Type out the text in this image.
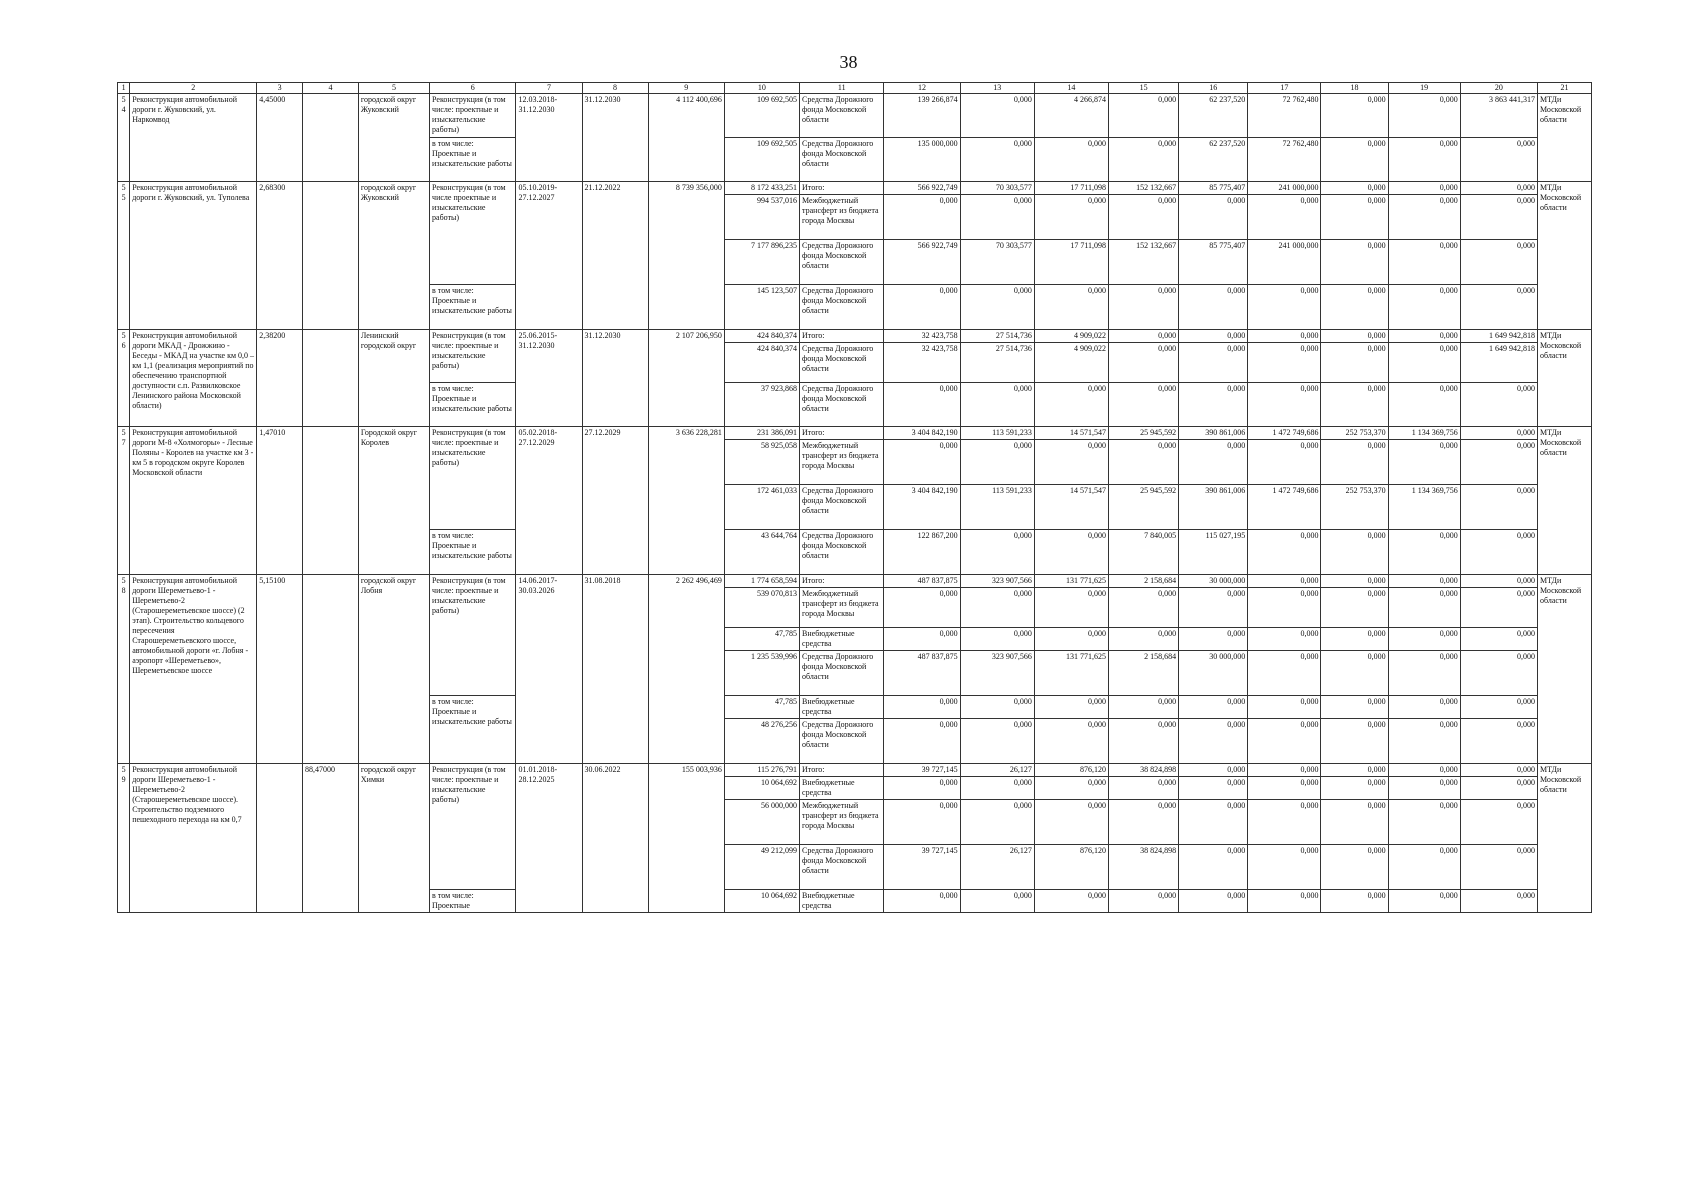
38
1	2	3	4	5	6	7	8	9	10	11	12	13	14	15	16	17	18	19	20	21
54	Реконструкция автомобильной дороги г. Жуковский, ул. Наркомвод	4,45000		городской округ Жуковский	Реконструкция (в том числе: проектные и изыскательские работы)	12.03.2018-31.12.2030	31.12.2030	4 112 400,696	109 692,505	Средства Дорожного фонда Московской области	139 266,874	0,000	4 266,874	0,000	62 237,520	72 762,480	0,000	0,000	3 863 441,317	МТДи Московской области
					в том числе: Проектные и изыскательские работы				109 692,505	Средства Дорожного фонда Московской области	135 000,000	0,000	0,000	0,000	62 237,520	72 762,480	0,000	0,000	0,000	
55	Реконструкция автомобильной дороги г. Жуковский, ул. Туполева	2,68300		городской округ Жуковский	Реконструкция (в том числе проектные и изыскательские работы)	05.10.2019-27.12.2027	21.12.2022	8 739 356,000	8 172 433,251	Итого:	566 922,749	70 303,577	17 711,098	152 132,667	85 775,407	241 000,000	0,000	0,000	0,000	МТДи Московской области
									994 537,016	Межбюджетный трансферт из бюджета города Москвы	0,000	0,000	0,000	0,000	0,000	0,000	0,000	0,000	0,000	
									7 177 896,235	Средства Дорожного фонда Московской области	566 922,749	70 303,577	17 711,098	152 132,667	85 775,407	241 000,000	0,000	0,000	0,000	
					в том числе: Проектные и изыскательские работы				145 123,507	Средства Дорожного фонда Московской области	0,000	0,000	0,000	0,000	0,000	0,000	0,000	0,000	0,000	
56	Реконструкция автомобильной дороги МКАД - Дрожжино - Беседы - МКАД на участке км 0,0 – км 1,1 (реализация мероприятий по обеспечению транспортной доступности с.п. Развилковское Ленинского района Московской области)	2,38200		Ленинский городской округ	Реконструкция (в том числе: проектные и изыскательские работы)	25.06.2015-31.12.2030	31.12.2030	2 107 206,950	424 840,374	Итого:	32 423,758	27 514,736	4 909,022	0,000	0,000	0,000	0,000	0,000	1 649 942,818	МТДи Московской области
									424 840,374	Средства Дорожного фонда Московской области	32 423,758	27 514,736	4 909,022	0,000	0,000	0,000	0,000	0,000	1 649 942,818	
					в том числе: Проектные и изыскательские работы				37 923,868	Средства Дорожного фонда Московской области	0,000	0,000	0,000	0,000	0,000	0,000	0,000	0,000	0,000	
57	Реконструкция автомобильной дороги М-8 «Холмогоры» - Лесные Поляны - Королев на участке км 3 - км 5 в городском округе Королев Московской области	1,47010		Городской округ Королев	Реконструкция (в том числе: проектные и изыскательские работы)	05.02.2018-27.12.2029	27.12.2029	3 636 228,281	231 386,091	Итого:	3 404 842,190	113 591,233	14 571,547	25 945,592	390 861,006	1 472 749,686	252 753,370	1 134 369,756	0,000	МТДи Московской области
									58 925,058	Межбюджетный трансферт из бюджета города Москвы	0,000	0,000	0,000	0,000	0,000	0,000	0,000	0,000	0,000	
									172 461,033	Средства Дорожного фонда Московской области	3 404 842,190	113 591,233	14 571,547	25 945,592	390 861,006	1 472 749,686	252 753,370	1 134 369,756	0,000	
					в том числе: Проектные и изыскательские работы				43 644,764	Средства Дорожного фонда Московской области	122 867,200	0,000	0,000	7 840,005	115 027,195	0,000	0,000	0,000	0,000	
58	Реконструкция автомобильной дороги Шереметьево-1 - Шереметьево-2 (Старошереметьевское шоссе) (2 этап). Строительство кольцевого пересечения Старошереметьевского шоссе, автомобильной дороги «г. Лобня - аэропорт «Шереметьево», Шереметьевское шоссе	5,15100		городской округ Лобня	Реконструкция (в том числе: проектные и изыскательские работы)	14.06.2017-30.03.2026	31.08.2018	2 262 496,469	1 774 658,594	Итого:	487 837,875	323 907,566	131 771,625	2 158,684	30 000,000	0,000	0,000	0,000	0,000	МТДи Московской области
									539 070,813	Межбюджетный трансферт из бюджета города Москвы	0,000	0,000	0,000	0,000	0,000	0,000	0,000	0,000	0,000	
									47,785	Внебюджетные средства	0,000	0,000	0,000	0,000	0,000	0,000	0,000	0,000	0,000	
									1 235 539,996	Средства Дорожного фонда Московской области	487 837,875	323 907,566	131 771,625	2 158,684	30 000,000	0,000	0,000	0,000	0,000	
					в том числе: Проектные и изыскательские работы				47,785	Внебюджетные средства	0,000	0,000	0,000	0,000	0,000	0,000	0,000	0,000	0,000	
									48 276,256	Средства Дорожного фонда Московской области	0,000	0,000	0,000	0,000	0,000	0,000	0,000	0,000	0,000	
59	Реконструкция автомобильной дороги Шереметьево-1 - Шереметьево-2 (Старошереметьевское шоссе). Строительство подземного пешеходного перехода на км 0,7		88,47000	городской округ Химки	Реконструкция (в том числе: проектные и изыскательские работы)	01.01.2018-28.12.2025	30.06.2022	155 003,936	115 276,791	Итого:	39 727,145	26,127	876,120	38 824,898	0,000	0,000	0,000	0,000	0,000	МТДи Московской области
									10 064,692	Внебюджетные средства	0,000	0,000	0,000	0,000	0,000	0,000	0,000	0,000	0,000	
									56 000,000	Межбюджетный трансферт из бюджета города Москвы	0,000	0,000	0,000	0,000	0,000	0,000	0,000	0,000	0,000	
									49 212,099	Средства Дорожного фонда Московской области	39 727,145	26,127	876,120	38 824,898	0,000	0,000	0,000	0,000	0,000	
					в том числе: Проектные				10 064,692	Внебюджетные средства	0,000	0,000	0,000	0,000	0,000	0,000	0,000	0,000	0,000	
